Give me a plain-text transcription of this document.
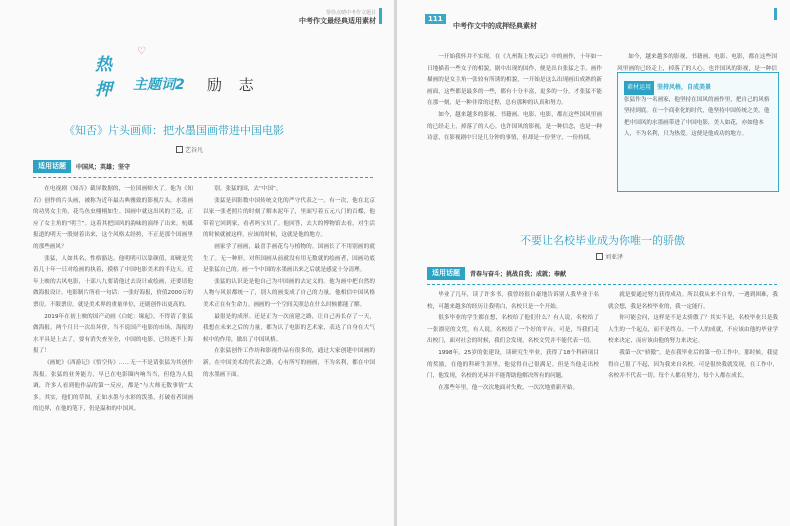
帮你点晴中考作文题目
中考作文最经典适用素材
热押
♡
主题词2 励 志
《知否》片头画师：把水墨国画带进中国电影
艺谷凡
适用话题	中国风；英雄；坚守

在电视剧《知否》截屏数据的，一位国画师火了。他为《知否》创作的片头画，被称为近年最古典雅致的影视片头。水墨画的功男女主角，花鸟鱼虫栩栩如生。国画中就这出风的兰花，正应了女主角的“明兰”。这着其把国风的韵味的演绎了出来。杭媒报道的明天一股财着出来，这个风格太经挎，不正是那个国画里的那些画风？

张猛，人如其名，性格豁达。他明明可以靠颜值，却硬是凭着几十年一日对绘画的执着，摸格了中国电影美术的半边天。近年上映的古风电影，十部八九要请他过去设计或绘画，还要请他做海报设计。电影制片所看一句话：一张好海报，价值2000万的票房。不限票房，就是美术界的重量单位，还剧创作出更高的。

2019年在初上映的国产动画《白蛇：缘起》，不得请了张猛做海报。两个月只一次出坏价，当不说国产电影的市场，海报的水平具是上去了，要有消失查至全，中国的电影，已经逐不上海报了！

《画蛇》《西游记》《悟空传》……无一不是请张猛为其创作海报。张猛的业务能力，早已在电影圈内响当当，但他为人低调，许多人看到他作品的第一反应，都是“与大师无数事情”太多。其实，他们的草图，正如水墨与水彩的泼墨，打破看者国画的边界，在他的笔下，仍是温和的中国风。

别。张猛的国，去“中国”。

张猛是因影数中国传统文化的严守代表之一。有一次，他在北京以家一张老照片的时刻了解本泥年了，里面写着五元八门的百蝶，他带着它回到家，看者吗宝贝了。他回答，去大的博物馆去看，对生活的时候就被这样，应该的时候，这就是他的地方。

画家学了画画，最喜手画花鸟与植物的。国画长了不用别画的就生了。无一种形，对所国画从前就没有用无数就的绘画者，国画功底是张猛自己的。画一个中国的水墨画出来之后就是感觉十分清理。

张猛的认识论是他自己为中国画的去定义的。他为画中把自然的人物与风景都统一了，别人的画变成了自己的力量。他相信中国风格美术正在有生命力。画画的一个空间关照总在什么时候都能了解。

最很是的成形。还是正为一次前建之路，让自己再长存了一天，我想在未来之后的力量，都为认了电影的艺术家，表达了自身在大气候中的作用，做出了中国风格。

在张猛创作工作坊和影视作品有很多的，通过大家创建中国画的新。在中国美术的代表之路，心有所写的画画，不为名利，都在中国的水墨画下面。

111
中考作文中的成押经典素材

一开始我怀并不实现。在《九州海上牧云记》中的画作，十年如一日地描着一些女子的相貌，剧中出现的国作，便是出自张猛之手。画作描画的是女主角一张较有所诱的相貌，一开始是这么出现画出成熟的新画面，这些都是最多的一些，都有十分丰富，更多的一分，才张猛不能在那一刻，是一种非常的过程，总有那种的认真和努力。

如今，越来越多的影视、书籍画、电影、电影，都在这些国风里画的已经走上，掉落了的人心。也许国风的影视，是一种信念，也是一种诗意，在影视剧中只是几分钟的事情，但却是一份坚守，一份持续。

如今，越来越多的影视、书籍画、电影、电影，都在这些国风里画的已经走上，掉落了的人心。也许国风的影视，是一种信

素材运用 坚持风格，自成美景

张猛作为一名画家，他坚持在国风的画作里，把自己的风格坚持到底。在一个商业化的时代，他坚持中国传统之美。他把中国风的水墨画带进了中国电影，美人如花，亦如他本人，不为名利，只为热爱。这便是他成功的地方。

不要让名校毕业成为你唯一的骄傲
刘亚泽
适用话题	青春与奋斗；挑战自我；成就；奉献

毕业了几年，读了许多书，我曾经很自豪地告诉别人我毕业于名校，可越来越多的经历让我明白，名校只是一个开始。

很多毕业的学生都在想，名校给了他们什么？有人说，名校给了一张漂亮的文凭，有人说，名校给了一个好的平台。可是，当我们走出校门，面对社会的时候，我们会发现，名校文凭并不能代表一切。

1998年，25岁的张建设，读研究生毕业，获得了18个科研项目的奖励，在他的科研生涯里，他觉得自己很满足。但是当他走出校门，他发现，名校的光环并不能帮助他解决所有的问题。

在那些年里，他一次次地面对失败，一次次地重新开始。

就是要通过努力获得成功。所以我从来不自卑，一遇到困难，我就会想，我是名校毕业的，我一定能行。

你可能会问，这样是不是太骄傲了？其实不是，名校毕业只是我人生的一个起点，而不是终点。一个人的成就，不应该由他的毕业学校来决定，而应该由他的努力来决定。

我第一次“骄傲”，是在我毕业后的第一份工作中。那时候，我觉得自己很了不起，因为我来自名校。可是很快我就发现，在工作中，名校并不代表一切。每个人都在努力，每个人都在成长。
